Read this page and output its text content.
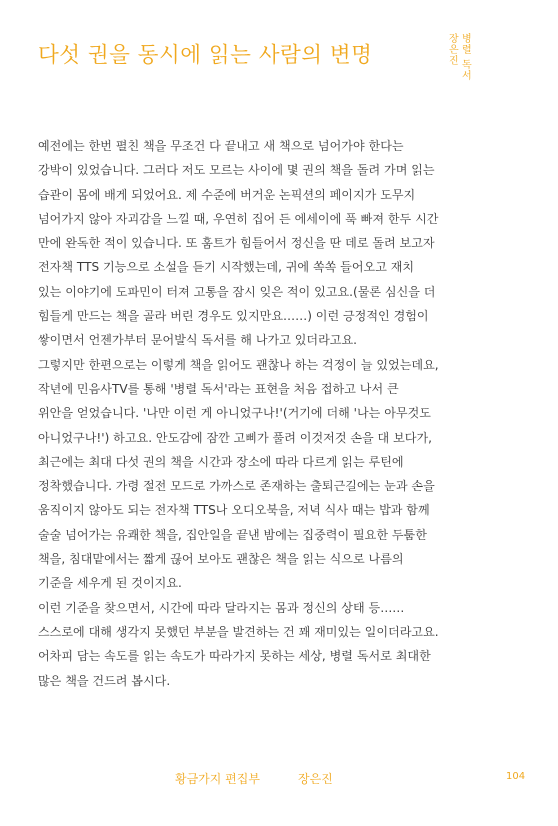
다섯 권을 동시에 읽는 사람의 변명
병
렬
독
서
장
은
진
예전에는 한번 펼친 책을 무조건 다 끝내고 새 책으로 넘어가야 한다는
강박이 있었습니다. 그러다 저도 모르는 사이에 몇 권의 책을 돌려 가며 읽는
습관이 몸에 배게 되었어요. 제 수준에 버거운 논픽션의 페이지가 도무지
넘어가지 않아 자괴감을 느낄 때, 우연히 집어 든 에세이에 푹 빠져 한두 시간
만에 완독한 적이 있습니다. 또 훔트가 힘들어서 정신을 딴 데로 돌려 보고자
전자책 TTS 기능으로 소설을 듣기 시작했는데, 귀에 쏙쏙 들어오고 재치
있는 이야기에 도파민이 터져 고통을 잠시 잊은 적이 있고요.(물론 심신을 더
힘들게 만드는 책을 골라 버린 경우도 있지만요……) 이런 긍정적인 경험이
쌓이면서 언젠가부터 문어발식 독서를 해 나가고 있더라고요.
그렇지만 한편으로는 이렇게 책을 읽어도 괜찮나 하는 걱정이 늘 있었는데요,
작년에 민음사TV를 통해 '병렬 독서'라는 표현을 처음 접하고 나서 큰
위안을 얻었습니다. '나만 이런 게 아니었구나!'(거기에 더해 '나는 아무것도
아니었구나!') 하고요. 안도감에 잠깐 고삐가 풀려 이것저것 손을 대 보다가,
최근에는 최대 다섯 권의 책을 시간과 장소에 따라 다르게 읽는 루틴에
정착했습니다. 가령 절전 모드로 가까스로 존재하는 출퇴근길에는 눈과 손을
움직이지 않아도 되는 전자책 TTS나 오디오북을, 저녁 식사 때는 밥과 함께
술술 넘어가는 유쾌한 책을, 집안일을 끝낸 밤에는 집중력이 필요한 두툼한
책을, 침대맡에서는 짧게 끊어 보아도 괜찮은 책을 읽는 식으로 나름의
기준을 세우게 된 것이지요.
이런 기준을 찾으면서, 시간에 따라 달라지는 몸과 정신의 상태 등……
스스로에 대해 생각지 못했던 부분을 발견하는 건 꽤 재미있는 일이더라고요.
어차피 담는 속도를 읽는 속도가 따라가지 못하는 세상, 병렬 독서로 최대한
많은 책을 건드려 봅시다.
황금가지 편집부	장은진	104
